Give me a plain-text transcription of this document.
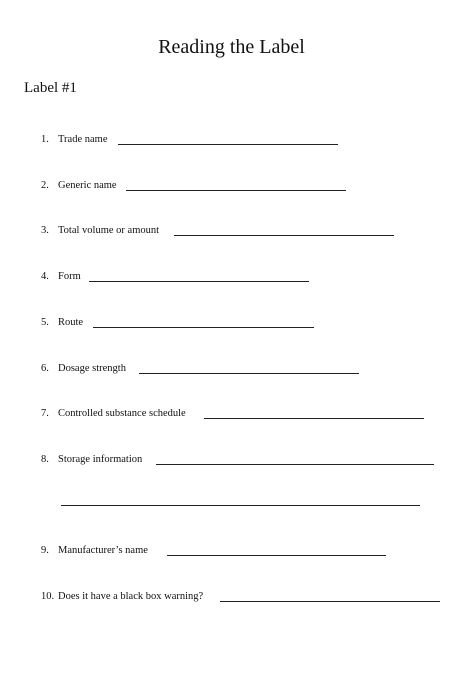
Reading the Label
Label #1
1. Trade name
2. Generic name
3. Total volume or amount
4. Form
5. Route
6. Dosage strength
7. Controlled substance schedule
8. Storage information
9. Manufacturer’s name
10. Does it have a black box warning?
